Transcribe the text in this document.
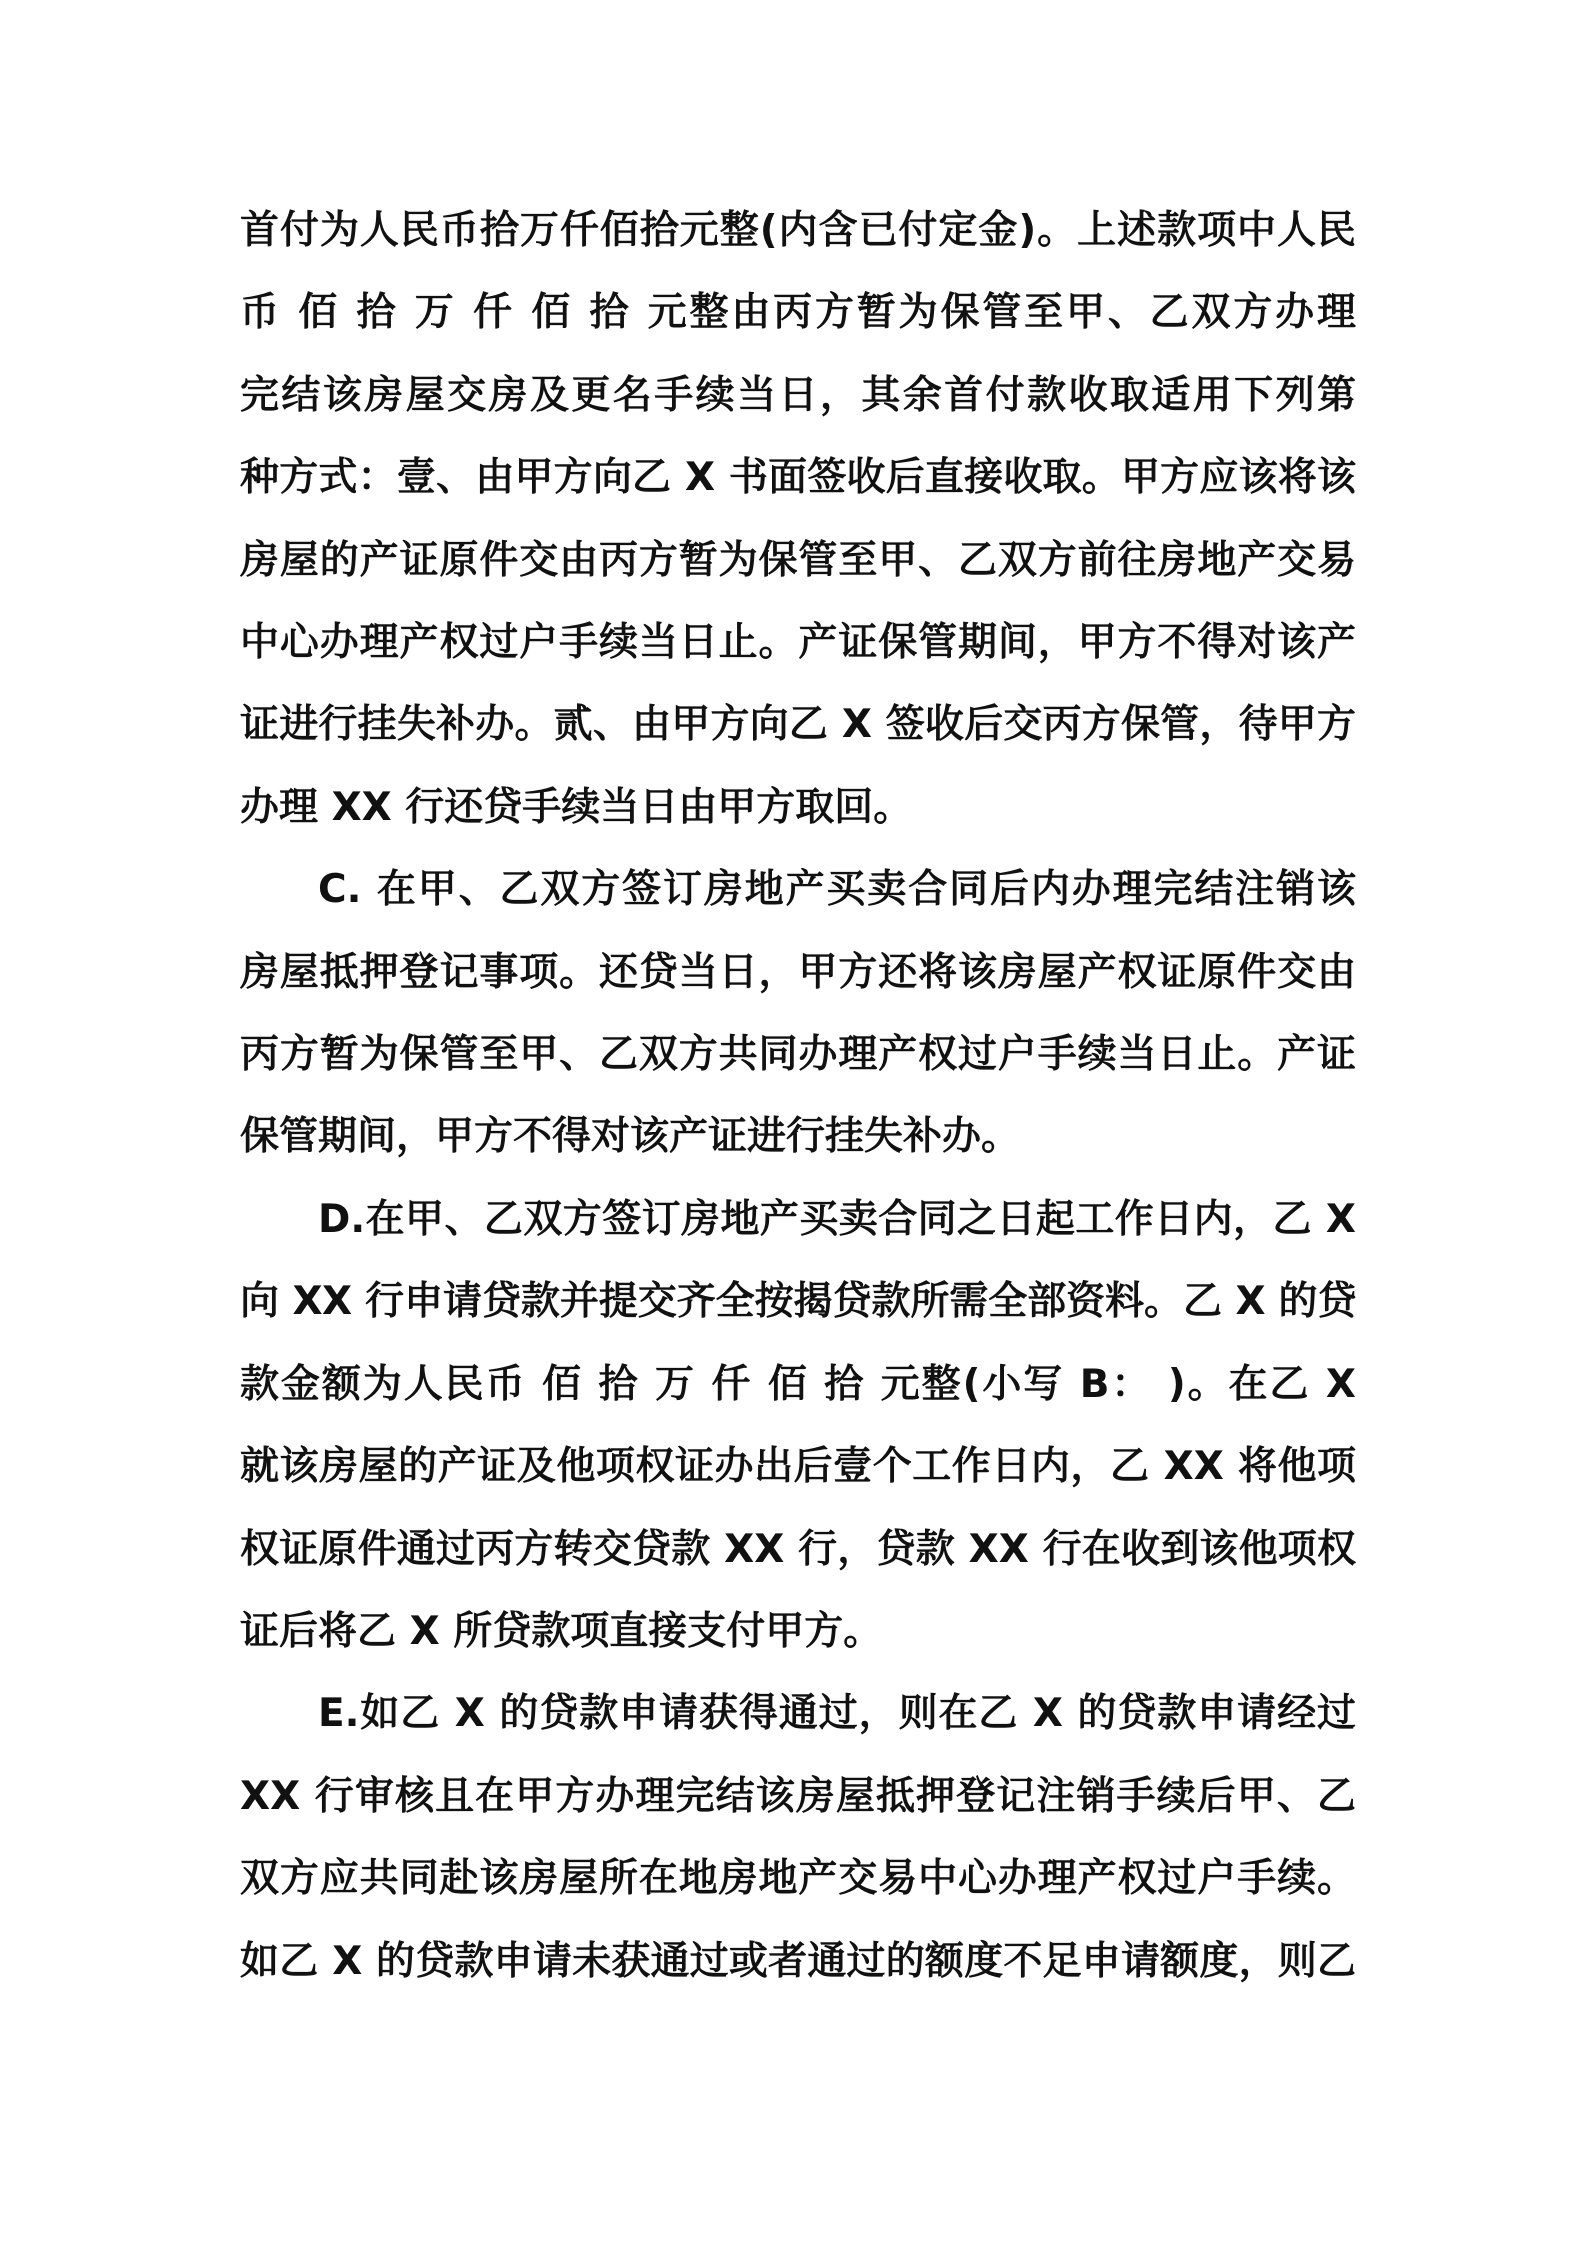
首付为人民币拾万仟佰拾元整(内含已付定金)。上述款项中人民
币 佰 拾 万 仟 佰 拾 元整由丙方暂为保管至甲、乙双方办理
完结该房屋交房及更名手续当日，其余首付款收取适用下列第
种方式：壹、由甲方向乙 X 书面签收后直接收取。甲方应该将该
房屋的产证原件交由丙方暂为保管至甲、乙双方前往房地产交易
中心办理产权过户手续当日止。产证保管期间，甲方不得对该产
证进行挂失补办。贰、由甲方向乙 X 签收后交丙方保管，待甲方
办理 XX 行还贷手续当日由甲方取回。
C. 在甲、乙双方签订房地产买卖合同后内办理完结注销该
房屋抵押登记事项。还贷当日，甲方还将该房屋产权证原件交由
丙方暂为保管至甲、乙双方共同办理产权过户手续当日止。产证
保管期间，甲方不得对该产证进行挂失补办。
D.在甲、乙双方签订房地产买卖合同之日起工作日内，乙 X
向 XX 行申请贷款并提交齐全按揭贷款所需全部资料。乙 X 的贷
款金额为人民币 佰 拾 万 仟 佰 拾 元整(小写 B： )。在乙 X
就该房屋的产证及他项权证办出后壹个工作日内，乙 XX 将他项
权证原件通过丙方转交贷款 XX 行，贷款 XX 行在收到该他项权
证后将乙 X 所贷款项直接支付甲方。
E.如乙 X 的贷款申请获得通过，则在乙 X 的贷款申请经过
XX 行审核且在甲方办理完结该房屋抵押登记注销手续后甲、乙
双方应共同赴该房屋所在地房地产交易中心办理产权过户手续。
如乙 X 的贷款申请未获通过或者通过的额度不足申请额度，则乙
